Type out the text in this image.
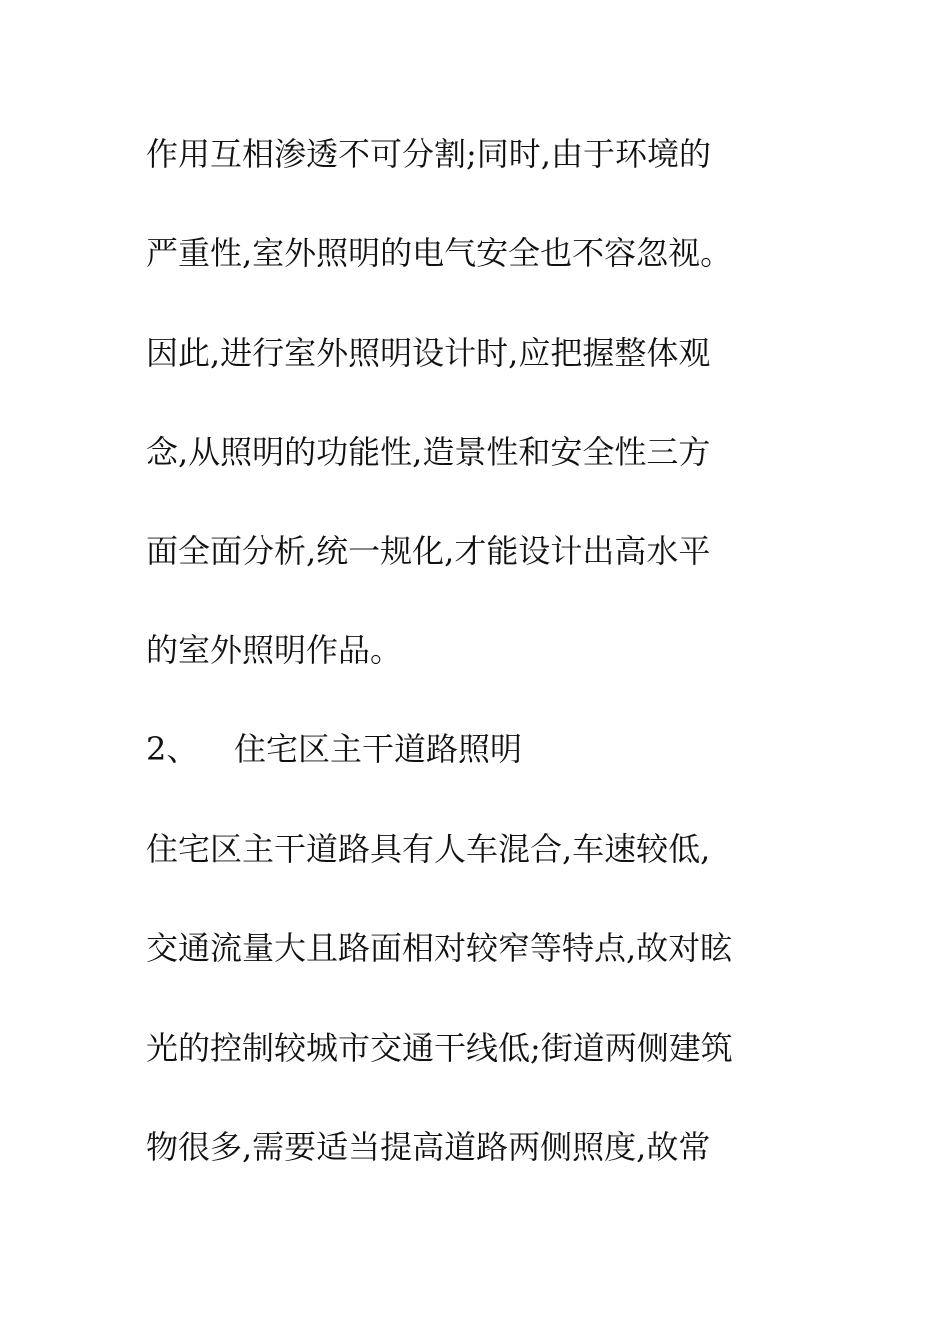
作用互相渗透不可分割;同时,由于环境的
严重性,室外照明的电气安全也不容忽视。
因此,进行室外照明设计时,应把握整体观
念,从照明的功能性,造景性和安全性三方
面全面分析,统一规化,才能设计出高水平
的室外照明作品。
2、 住宅区主干道路照明
住宅区主干道路具有人车混合,车速较低,
交通流量大且路面相对较窄等特点,故对眩
光的控制较城市交通干线低;街道两侧建筑
物很多,需要适当提高道路两侧照度,故常
